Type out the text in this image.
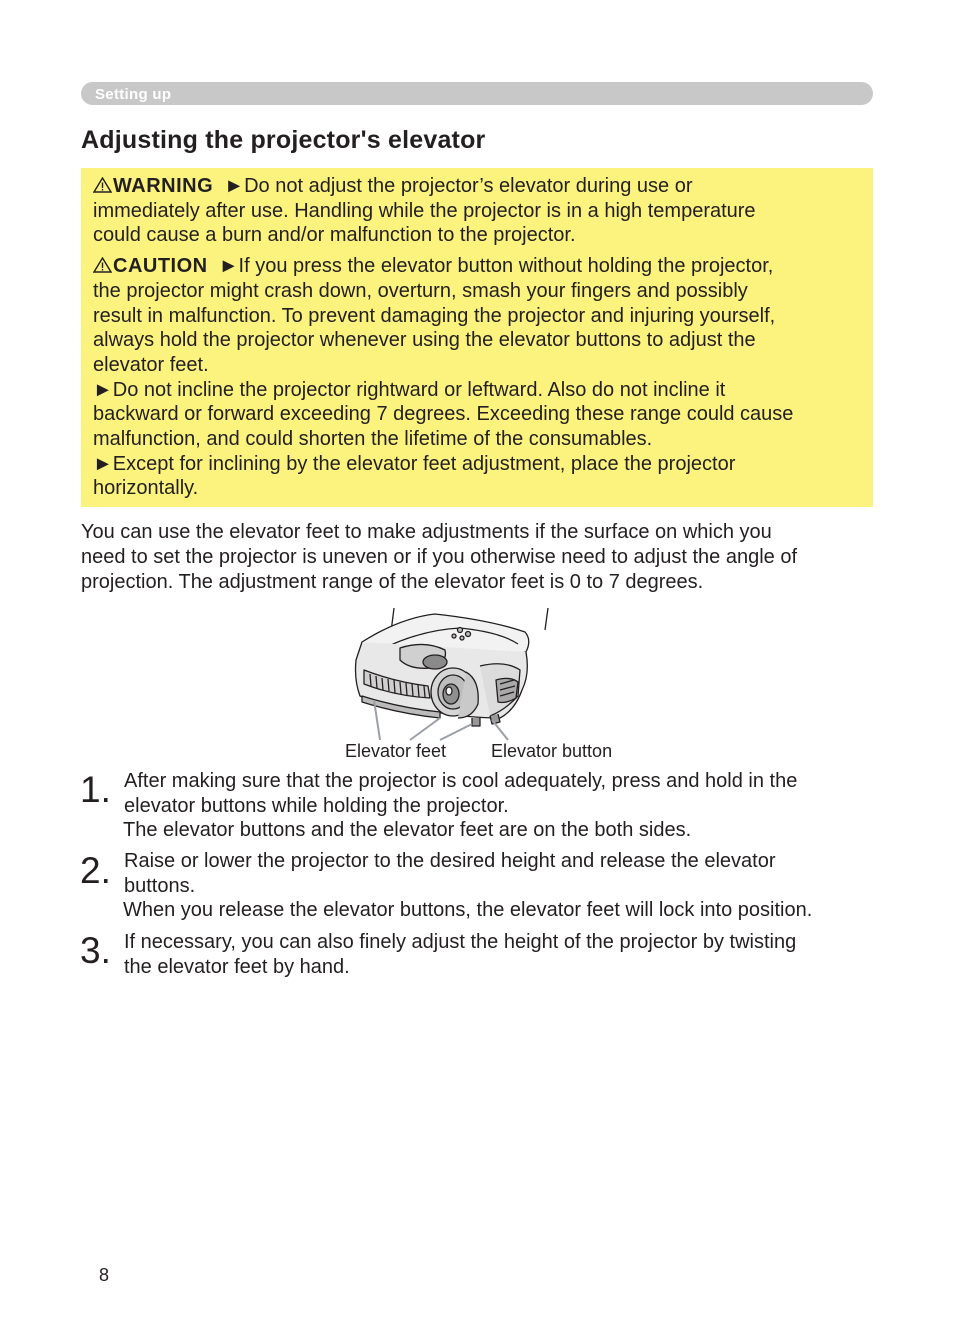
Setting up
Adjusting the projector's elevator

WARNING ►Do not adjust the projector’s elevator during use or

immediately after use. Handling while the projector is in a high temperature

could cause a burn and/or malfunction to the projector.

CAUTION ►If you press the elevator button without holding the projector,

the projector might crash down, overturn, smash your fingers and possibly

result in malfunction. To prevent damaging the projector and injuring yourself,

always hold the projector whenever using the elevator buttons to adjust the

elevator feet.

►Do not incline the projector rightward or leftward. Also do not incline it

backward or forward exceeding 7 degrees. Exceeding these range could cause

malfunction, and could shorten the lifetime of the consumables.

►Except for inclining by the elevator feet adjustment, place the projector

horizontally.

You can use the elevator feet to make adjustments if the surface on which you
need to set the projector is uneven or if you otherwise need to adjust the angle of
projection. The adjustment range of the elevator feet is 0 to 7 degrees.
Elevator feet Elevator button
1. After making sure that the projector is cool adequately, press and hold in the
elevator buttons while holding the projector.
The elevator buttons and the elevator feet are on the both sides.
2. Raise or lower the projector to the desired height and release the elevator
buttons.
When you release the elevator buttons, the elevator feet will lock into position.
3. If necessary, you can also finely adjust the height of the projector by twisting
the elevator feet by hand.
8
